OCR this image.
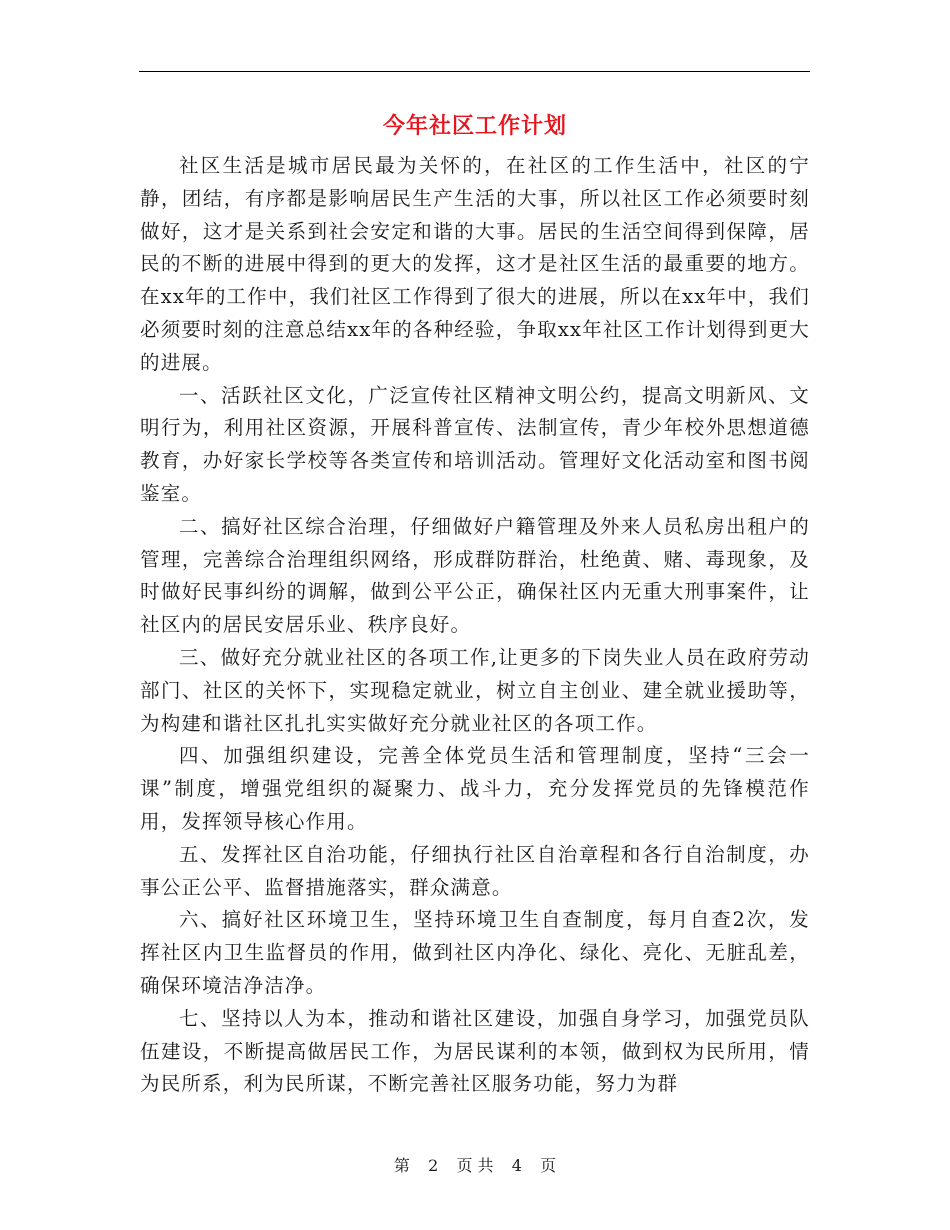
今年社区工作计划

社区生活是城市居民最为关怀的，在社区的工作生活中，社区的宁静，团结，有序都是影响居民生产生活的大事，所以社区工作必须要时刻做好，这才是关系到社会安定和谐的大事。居民的生活空间得到保障，居民的不断的进展中得到的更大的发挥，这才是社区生活的最重要的地方。在xx年的工作中，我们社区工作得到了很大的进展，所以在xx年中，我们必须要时刻的注意总结xx年的各种经验，争取xx年社区工作计划得到更大的进展。

一、活跃社区文化，广泛宣传社区精神文明公约，提高文明新风、文明行为，利用社区资源，开展科普宣传、法制宣传，青少年校外思想道德教育，办好家长学校等各类宣传和培训活动。管理好文化活动室和图书阅鉴室。

二、搞好社区综合治理，仔细做好户籍管理及外来人员私房出租户的管理，完善综合治理组织网络，形成群防群治，杜绝黄、赌、毒现象，及时做好民事纠纷的调解，做到公平公正，确保社区内无重大刑事案件，让社区内的居民安居乐业、秩序良好。

三、做好充分就业社区的各项工作,让更多的下岗失业人员在政府劳动部门、社区的关怀下，实现稳定就业，树立自主创业、建全就业援助等，为构建和谐社区扎扎实实做好充分就业社区的各项工作。

四、加强组织建设，完善全体党员生活和管理制度，坚持“三会一课”制度，增强党组织的凝聚力、战斗力，充分发挥党员的先锋模范作用，发挥领导核心作用。

五、发挥社区自治功能，仔细执行社区自治章程和各行自治制度，办事公正公平、监督措施落实，群众满意。

六、搞好社区环境卫生，坚持环境卫生自查制度，每月自查2次，发挥社区内卫生监督员的作用，做到社区内净化、绿化、亮化、无脏乱差，确保环境洁净洁净。

七、坚持以人为本，推动和谐社区建设，加强自身学习，加强党员队伍建设，不断提高做居民工作，为居民谋利的本领，做到权为民所用，情为民所系，利为民所谋，不断完善社区服务功能，努力为群

第 2 页 共 4 页
